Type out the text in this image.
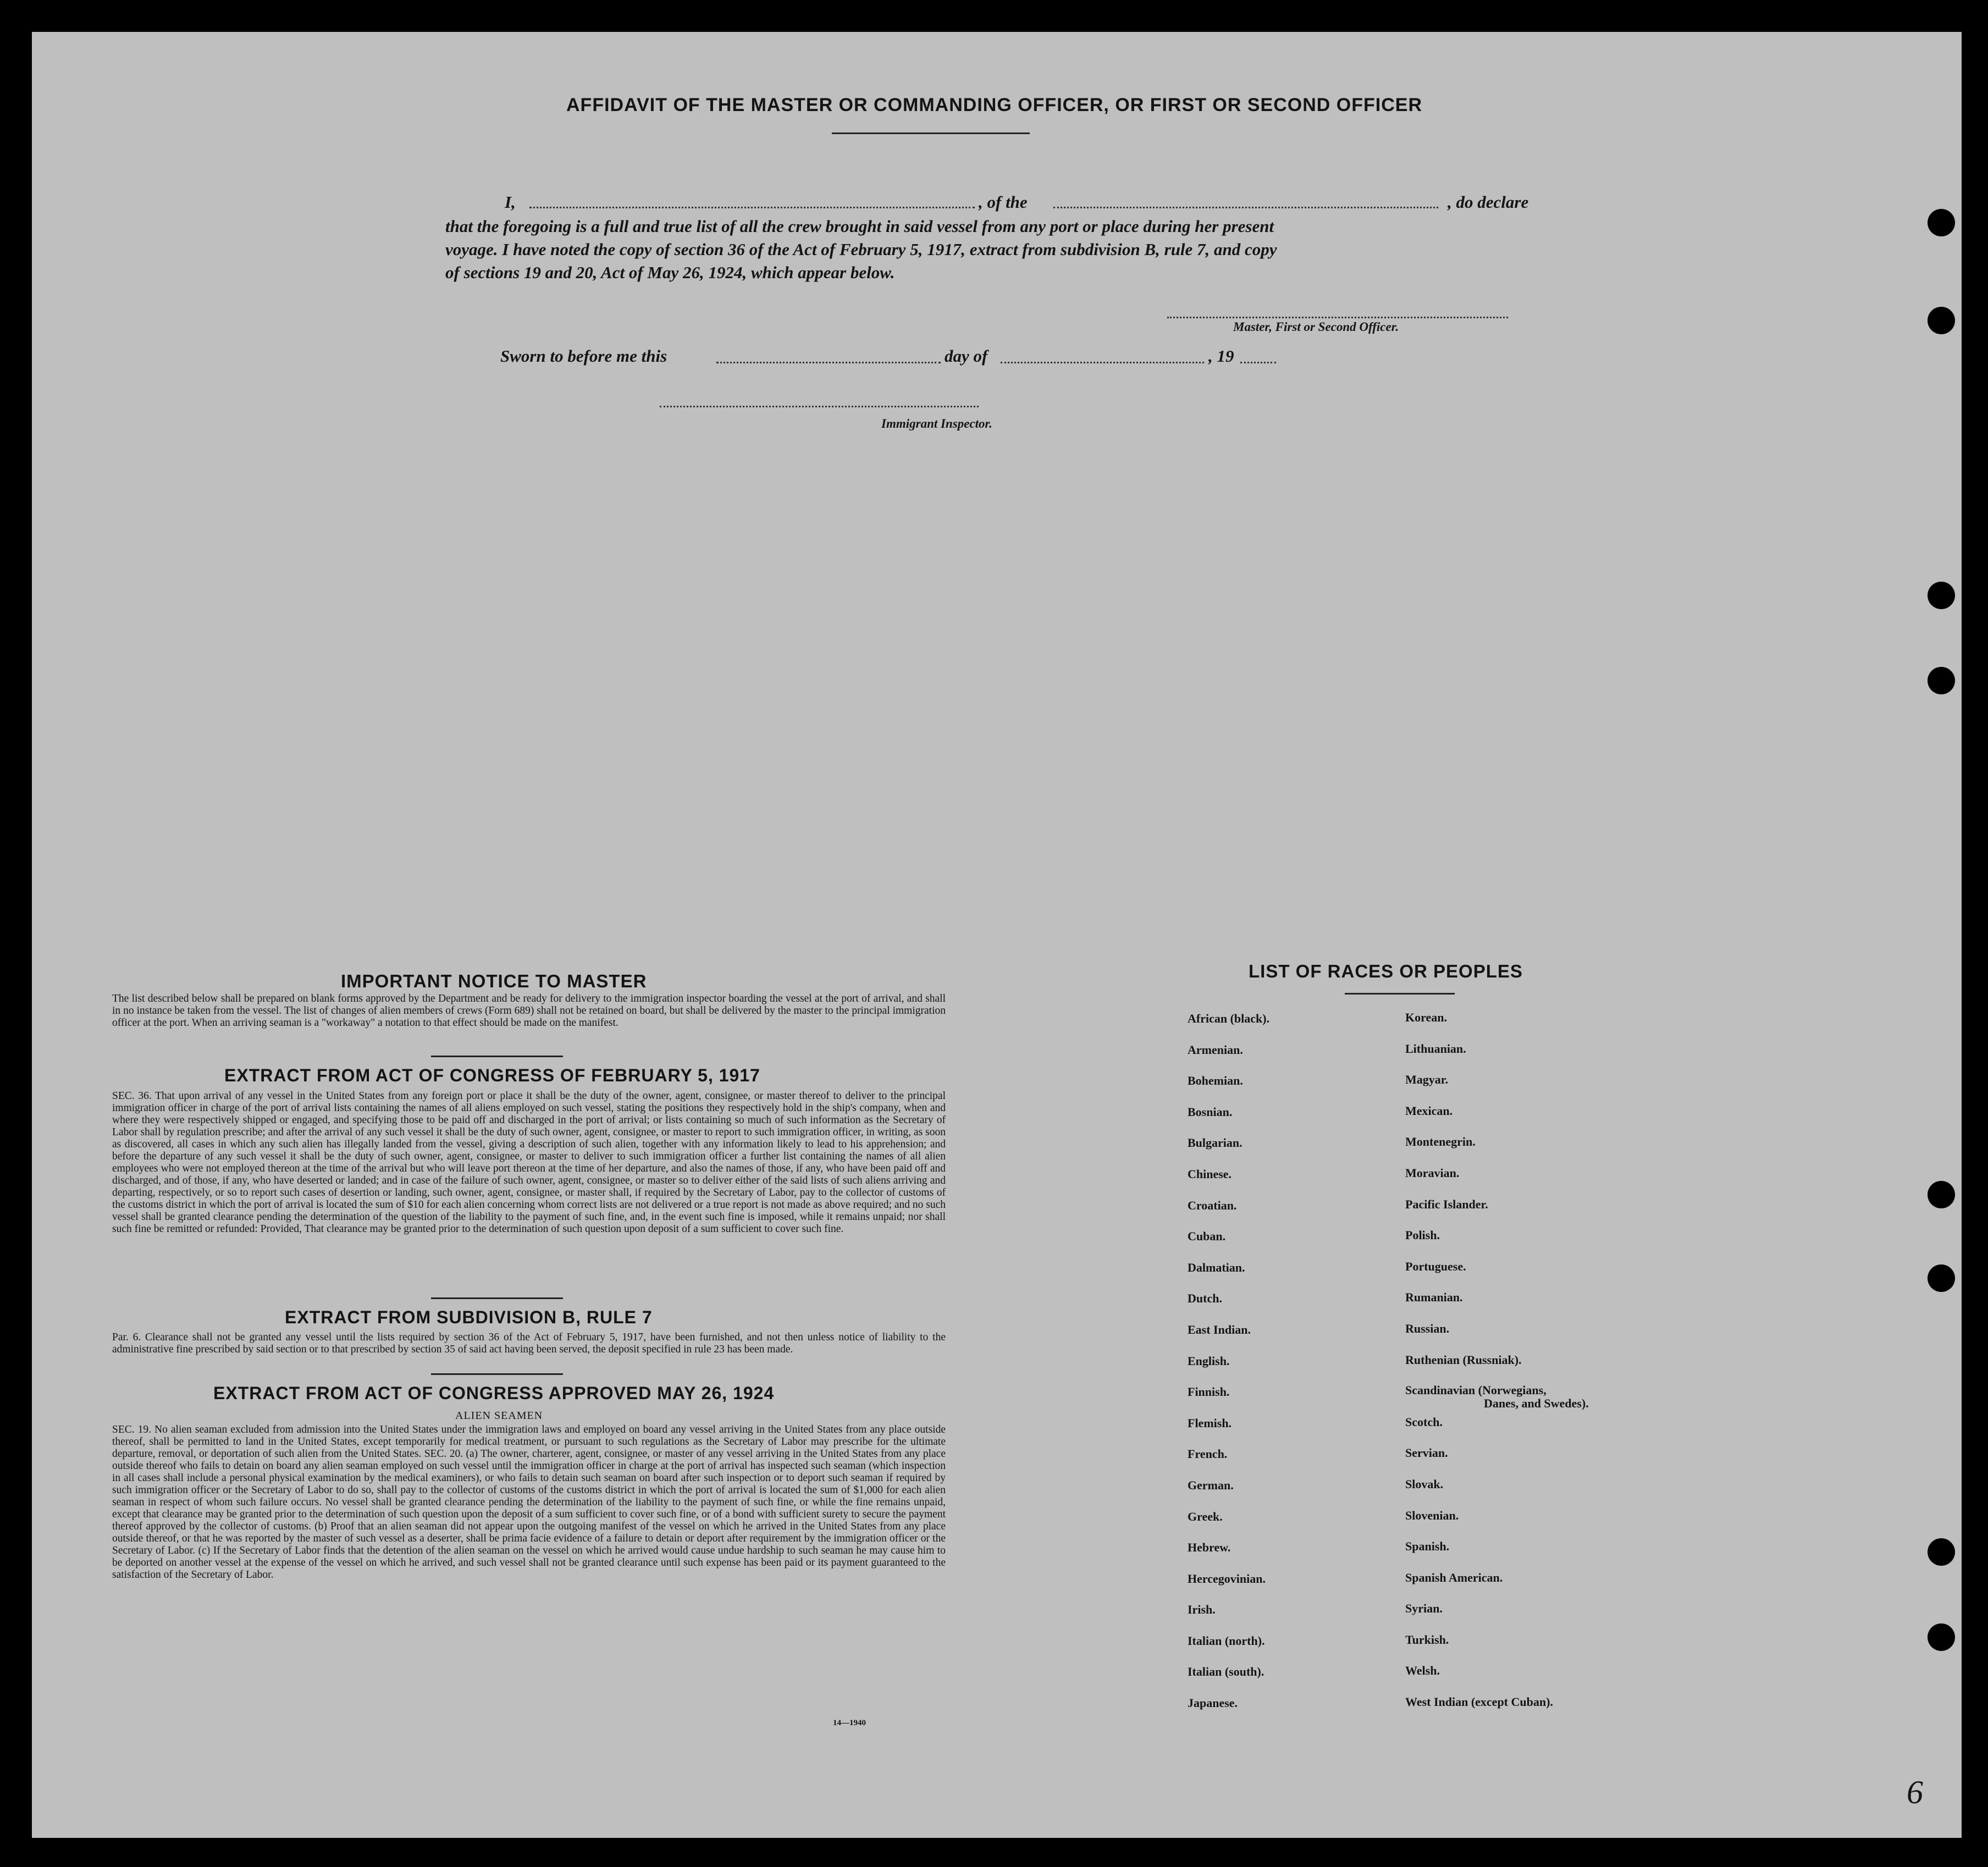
AFFIDAVIT OF THE MASTER OR COMMANDING OFFICER, OR FIRST OR SECOND OFFICER
I,	, of the	, do declare
that the foregoing is a full and true list of all the crew brought in said vessel from any port or place during her present
voyage. I have noted the copy of section 36 of the Act of February 5, 1917, extract from subdivision B, rule 7, and copy
of sections 19 and 20, Act of May 26, 1924, which appear below.
Master, First or Second Officer.
Sworn to before me this	day of	, 19
Immigrant Inspector.
IMPORTANT NOTICE TO MASTER
The list described below shall be prepared on blank forms approved by the Department and be ready for delivery to the immigration inspector boarding the vessel at the port of arrival, and shall in no instance be taken from the vessel. The list of changes of alien members of crews (Form 689) shall not be retained on board, but shall be delivered by the master to the principal immigration officer at the port. When an arriving seaman is a "workaway" a notation to that effect should be made on the manifest.
EXTRACT FROM ACT OF CONGRESS OF FEBRUARY 5, 1917
SEC. 36. That upon arrival of any vessel in the United States from any foreign port or place it shall be the duty of the owner, agent, consignee, or master thereof to deliver to the principal immigration officer in charge of the port of arrival lists containing the names of all aliens employed on such vessel, stating the positions they respectively hold in the ship's company, when and where they were respectively shipped or engaged, and specifying those to be paid off and discharged in the port of arrival; or lists containing so much of such information as the Secretary of Labor shall by regulation prescribe; and after the arrival of any such vessel it shall be the duty of such owner, agent, consignee, or master to report to such immigration officer, in writing, as soon as discovered, all cases in which any such alien has illegally landed from the vessel, giving a description of such alien, together with any information likely to lead to his apprehension; and before the departure of any such vessel it shall be the duty of such owner, agent, consignee, or master to deliver to such immigration officer a further list containing the names of all alien employees who were not employed thereon at the time of the arrival but who will leave port thereon at the time of her departure, and also the names of those, if any, who have been paid off and discharged, and of those, if any, who have deserted or landed; and in case of the failure of such owner, agent, consignee, or master so to deliver either of the said lists of such aliens arriving and departing, respectively, or so to report such cases of desertion or landing, such owner, agent, consignee, or master shall, if required by the Secretary of Labor, pay to the collector of customs of the customs district in which the port of arrival is located the sum of $10 for each alien concerning whom correct lists are not delivered or a true report is not made as above required; and no such vessel shall be granted clearance pending the determination of the question of the liability to the payment of such fine, and, in the event such fine is imposed, while it remains unpaid; nor shall such fine be remitted or refunded: Provided, That clearance may be granted prior to the determination of such question upon deposit of a sum sufficient to cover such fine.
EXTRACT FROM SUBDIVISION B, RULE 7
Par. 6. Clearance shall not be granted any vessel until the lists required by section 36 of the Act of February 5, 1917, have been furnished, and not then unless notice of liability to the administrative fine prescribed by said section or to that prescribed by section 35 of said act having been served, the deposit specified in rule 23 has been made.
EXTRACT FROM ACT OF CONGRESS APPROVED MAY 26, 1924
ALIEN SEAMEN
SEC. 19. No alien seaman excluded from admission into the United States under the immigration laws and employed on board any vessel arriving in the United States from any place outside thereof, shall be permitted to land in the United States, except temporarily for medical treatment, or pursuant to such regulations as the Secretary of Labor may prescribe for the ultimate departure, removal, or deportation of such alien from the United States. SEC. 20. (a) The owner, charterer, agent, consignee, or master of any vessel arriving in the United States from any place outside thereof who fails to detain on board any alien seaman employed on such vessel until the immigration officer in charge at the port of arrival has inspected such seaman (which inspection in all cases shall include a personal physical examination by the medical examiners), or who fails to detain such seaman on board after such inspection or to deport such seaman if required by such immigration officer or the Secretary of Labor to do so, shall pay to the collector of customs of the customs district in which the port of arrival is located the sum of $1,000 for each alien seaman in respect of whom such failure occurs. No vessel shall be granted clearance pending the determination of the liability to the payment of such fine, or while the fine remains unpaid, except that clearance may be granted prior to the determination of such question upon the deposit of a sum sufficient to cover such fine, or of a bond with sufficient surety to secure the payment thereof approved by the collector of customs. (b) Proof that an alien seaman did not appear upon the outgoing manifest of the vessel on which he arrived in the United States from any place outside thereof, or that he was reported by the master of such vessel as a deserter, shall be prima facie evidence of a failure to detain or deport after requirement by the immigration officer or the Secretary of Labor. (c) If the Secretary of Labor finds that the detention of the alien seaman on the vessel on which he arrived would cause undue hardship to such seaman he may cause him to be deported on another vessel at the expense of the vessel on which he arrived, and such vessel shall not be granted clearance until such expense has been paid or its payment guaranteed to the satisfaction of the Secretary of Labor.
14—1940
LIST OF RACES OR PEOPLES
African (black).
Armenian.
Bohemian.
Bosnian.
Bulgarian.
Chinese.
Croatian.
Cuban.
Dalmatian.
Dutch.
East Indian.
English.
Finnish.
Flemish.
French.
German.
Greek.
Hebrew.
Hercegovinian.
Irish.
Italian (north).
Italian (south).
Japanese.
Korean.
Lithuanian.
Magyar.
Mexican.
Montenegrin.
Moravian.
Pacific Islander.
Polish.
Portuguese.
Rumanian.
Russian.
Ruthenian (Russniak).
Scandinavian (Norwegians,
Danes, and Swedes).
Scotch.
Servian.
Slovak.
Slovenian.
Spanish.
Spanish American.
Syrian.
Turkish.
Welsh.
West Indian (except Cuban).
6
